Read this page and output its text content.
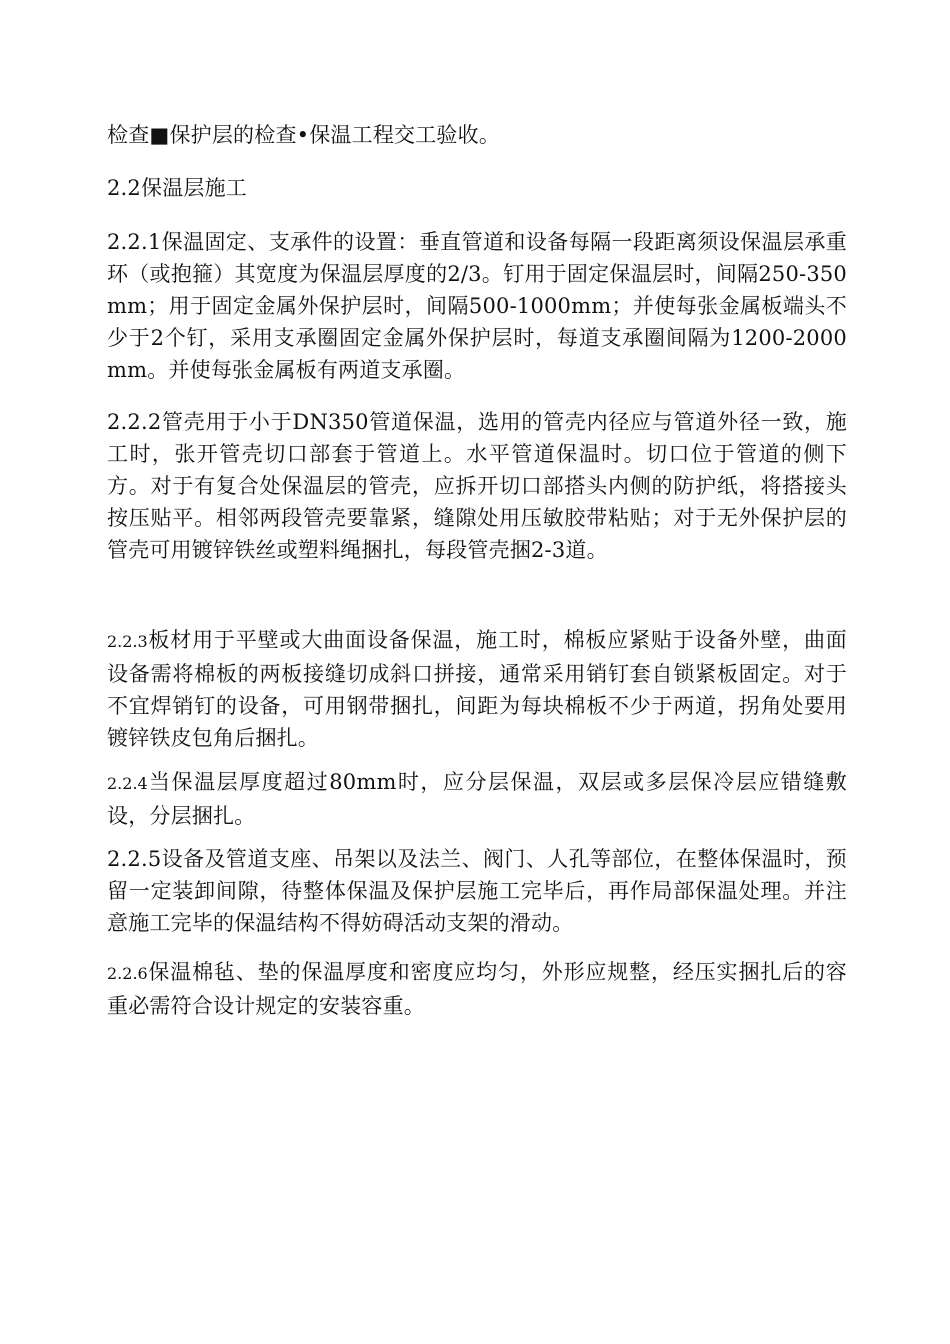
检查■保护层的检查•保温工程交工验收。

2.2保温层施工

2.2.1保温固定、支承件的设置：垂直管道和设备每隔一段距离须设保温层承重环（或抱箍）其宽度为保温层厚度的2/3。钉用于固定保温层时，间隔250-350mm；用于固定金属外保护层时，间隔500-1000mm；并使每张金属板端头不少于2个钉，采用支承圈固定金属外保护层时，每道支承圈间隔为1200-2000mm。并使每张金属板有两道支承圈。

2.2.2管壳用于小于DN350管道保温，选用的管壳内径应与管道外径一致，施工时，张开管壳切口部套于管道上。水平管道保温时。切口位于管道的侧下方。对于有复合处保温层的管壳，应拆开切口部搭头内侧的防护纸，将搭接头按压贴平。相邻两段管壳要靠紧，缝隙处用压敏胶带粘贴；对于无外保护层的管壳可用镀锌铁丝或塑料绳捆扎，每段管壳捆2-3道。

2.2.3板材用于平壁或大曲面设备保温，施工时，棉板应紧贴于设备外壁，曲面设备需将棉板的两板接缝切成斜口拼接，通常采用销钉套自锁紧板固定。对于不宜焊销钉的设备，可用钢带捆扎，间距为每块棉板不少于两道，拐角处要用镀锌铁皮包角后捆扎。

2.2.4当保温层厚度超过80mm时，应分层保温，双层或多层保冷层应错缝敷设，分层捆扎。

2.2.5设备及管道支座、吊架以及法兰、阀门、人孔等部位，在整体保温时，预留一定装卸间隙，待整体保温及保护层施工完毕后，再作局部保温处理。并注意施工完毕的保温结构不得妨碍活动支架的滑动。

2.2.6保温棉毡、垫的保温厚度和密度应均匀，外形应规整，经压实捆扎后的容重必需符合设计规定的安装容重。
